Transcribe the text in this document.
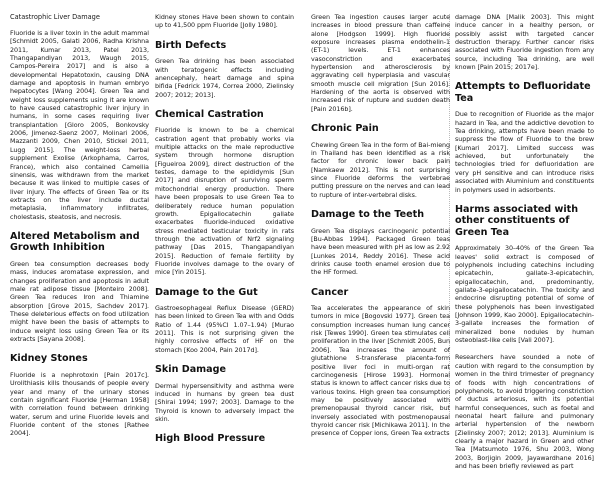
Catastrophic Liver Damage

Fluoride is a liver toxin in the adult mammal [Schmidt 2005, Galati 2006, Radha Krishna 2011, Kumar 2013, Patel 2013, Thangapandiyan 2013, Waugh 2015, Campos-Pereira 2017] and is also a developmental Hepatotoxin, causing DNA damage and apoptosis in human embryo hepatocytes [Wang 2004]. Green Tea and weight loss supplements using it are known to have caused catastrophic liver injury in humans, in some cases requiring liver transplantation [Gloro 2005, Bonkovsky 2006, Jimenez-Saenz 2007, Molinari 2006, Mazzanti 2009, Chen 2010, Stickel 2011, Lugg 2015]. The weight-loss herbal supplement Exolise (Arkophama, Carros, France), which also contained Camellia sinensis, was withdrawn from the market because it was linked to multiple cases of liver injury. The effects of Green Tea or its extracts on the liver include ductal metaplasia, inflammatory infiltrates, cholestasis, steatosis, and necrosis.

Altered Metabolism and Growth Inhibition

Green tea consumption decreases body mass, induces aromatase expression, and changes proliferation and apoptosis in adult male rat adipose tissue [Monteiro 2008]. Green Tea reduces Iron and Thiamine absorption [Grove 2015, Sachdev 2017]. These deleterious effects on food utilization might have been the basis of attempts to induce weight loss using Green Tea or its extracts [Sayana 2008].

Kidney Stones

Fluoride is a nephrotoxin [Pain 2017c]. Urolithiasis kills thousands of people every year and many of the urinary stones contain significant Fluoride [Herman 1958] with correlation found between drinking water, serum and urine Fluoride levels and Fluoride content of the stones [Rathee 2004].

Kidney stones Have been shown to contain up to 41,500 ppm Fluoride [Jolly 1980].

Birth Defects

Green Tea drinking has been associated with teratogenic effects including anencephaly, heart damage and spina bifida [Fedrick 1974, Correa 2000, Zielinsky 2007; 2012; 2013].

Chemical Castration

Fluoride is known to be a chemical castration agent that probably works via multiple attacks on the male reproductive system through hormone disruption [Figueiroa 2009], direct destruction of the testes, damage to the epididymis [Sun 2017] and disruption of surviving sperm mitochondrial energy production. There have been proposals to use Green Tea to deliberately reduce human population growth. Epigallocatechin gallate exacerbates fluoride-induced oxidative stress mediated testicular toxicity in rats through the activation of Nrf2 signaling pathway [Das 2015, Thangapandiyan 2015]. Reduction of female fertility by Fluoride involves damage to the ovary of mice [Yin 2015].

Damage to the Gut

Gastroesophageal Reflux Disease (GERD) has been linked to Green Tea with and Odds Ratio of 1.44 (95%CI 1.07–1.94) [Murao 2011]. This is not surprising given the highly corrosive effects of HF on the stomach [Koo 2004, Pain 2017d].

Skin Damage

Dermal hypersensitivity and asthma were induced in humans by green tea dust [Shirai 1994; 1997; 2003]. Damage to the Thyroid is known to adversely impact the skin.

High Blood Pressure

Green Tea ingestion causes larger acute increases in blood pressure than caffeine alone [Hodgson 1999]. High fluoride exposure increases plasma endothelin-1 (ET-1) levels. ET-1 enhances vasoconstriction and exacerbates hypertension and atherosclerosis by aggravating cell hyperplasia and vascular smooth muscle cell migration [Sun 2016]. Hardening of the aorta is observed with increased risk of rupture and sudden death [Pain 2016b].

Chronic Pain

Chewing Green Tea in the form of Bai-mieng in Thailand has been identified as a risk factor for chronic lower back pain [Namkaew 2012]. This is not surprising since Fluoride deforms the vertebrae putting pressure on the nerves and can lead to rupture of inter-vertebral disks.

Damage to the Teeth

Green Tea displays carcinogenic potential [Bu-Abbas 1994]. Packaged Green teas have been measured with pH as low as 2.92 [Lunkes 2014, Reddy 2016]. These acid drinks cause tooth enamel erosion due to the HF formed.

Cancer

Tea accelerates the appearance of skin tumors in mice [Bogovski 1977]. Green tea consumption increases human lung cancer risk [Tewes 1990]. Green tea stimulates cell proliferation in the liver [Schmidt 2005, Bun 2006]. Tea increases the amount of glutathione S-transferase placenta-form positive liver foci in multi-organ rat carcinogenesis [Hirose 1993]. Hormonal status is known to affect cancer risks due to various toxins. High green tea consumption may be positively associated with premenopausal thyroid cancer risk, but inversely associated with postmenopausal thyroid cancer risk [Michikawa 2011]. In the presence of Copper ions, Green Tea extracts

damage DNA [Malik 2003]. This might induce cancer in a healthy person, or possibly assist with targeted cancer destruction therapy. Further cancer risks associated with Fluoride ingestion from any source, including Tea drinking, are well known [Pain 2015; 2017e].

Attempts to Defluoridate Tea

Due to recognition of Fluoride as the major hazard in Tea, and the addictive devotion to Tea drinking, attempts have been made to suppress the flow of Fluoride to the brew [Kumari 2017]. Limited success was achieved, but unfortunately the technologies tried for defluoridation are very pH sensitive and can introduce risks associated with Aluminium and constituents in polymers used in adsorbents.

Harms associated with other constituents of Green Tea

Approximately 30–40% of the Green Tea leaves' solid extract is composed of polyphenols including catechins including epicatechin, gallate-3-epicatechin, epigallocatechin, and, predominantly, gallate-3-epigallocatechin. The toxicity and endocrine disrupting potential of some of these polyphenols has been investigated [Johnson 1999, Kao 2000]. Epigallocatechin-3-gallate increases the formation of mineralized bone nodules by human osteoblast-like cells [Vali 2007].

Researchers have sounded a note of caution with regard to the consumption by women in the third trimester of pregnancy of foods with high concentrations of polyphenols, to avoid triggering constriction of ductus arteriosus, with its potential harmful consequences, such as foetal and neonatal heart failure and pulmonary arterial hypertension of the newborn [Zielinsky 2007; 2012; 2013]. Aluminium is clearly a major hazard in Green and other Tea [Matsumoto 1976, Shu 2003, Wong 2003, Borjigin 2009, Jayawardhane 2016] and has been briefly reviewed as part
